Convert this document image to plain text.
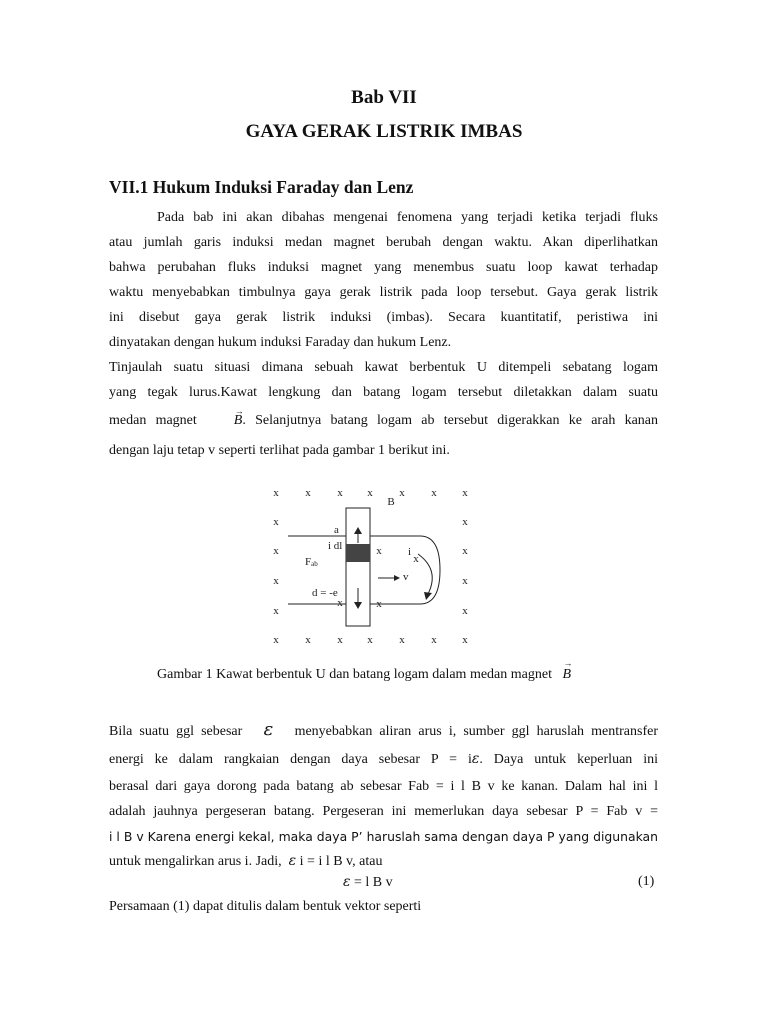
Bab VII
GAYA GERAK LISTRIK IMBAS
VII.1 Hukum Induksi Faraday dan Lenz
Pada bab ini akan dibahas mengenai fenomena yang terjadi ketika terjadi fluks
atau jumlah garis induksi medan magnet berubah dengan waktu. Akan diperlihatkan
bahwa perubahan fluks induksi magnet yang menembus suatu loop kawat terhadap
waktu menyebabkan timbulnya gaya gerak listrik pada loop tersebut. Gaya gerak listrik
ini disebut gaya gerak listrik induksi (imbas). Secara kuantitatif, peristiwa ini
dinyatakan dengan hukum induksi Faraday dan hukum Lenz.
Tinjaulah suatu situasi dimana sebuah kawat berbentuk U ditempeli sebatang logam
yang tegak lurus.Kawat lengkung dan batang logam tersebut diletakkan dalam suatu
medan magnet	→ B. Selanjutnya batang logam ab tersebut digerakkan ke arah kanan
dengan laju tetap v seperti terlihat pada gambar 1 berikut ini.
x x x x x x x
B
x	x
x	x
x	x
x	x
x x x x x x x
x
x
x	x
a
i dl
Fab
i
v
d = -e
Gambar 1 Kawat berbentuk U dan batang logam dalam medan magnet → B
Bila suatu ggl sebesar ε menyebabkan aliran arus i, sumber ggl haruslah mentransfer
energi ke dalam rangkaian dengan daya sebesar P = iε. Daya untuk keperluan ini
berasal dari gaya dorong pada batang ab sebesar Fab = i l B v ke kanan. Dalam hal ini l
adalah jauhnya pergeseran batang. Pergeseran ini memerlukan daya sebesar P = Fab v =
i l B v Karena energi kekal, maka daya P’ haruslah sama dengan daya P yang digunakan
untuk mengalirkan arus i. Jadi, ε i = i l B v, atau
ε = l B v	(1)
Persamaan (1) dapat ditulis dalam bentuk vektor seperti
